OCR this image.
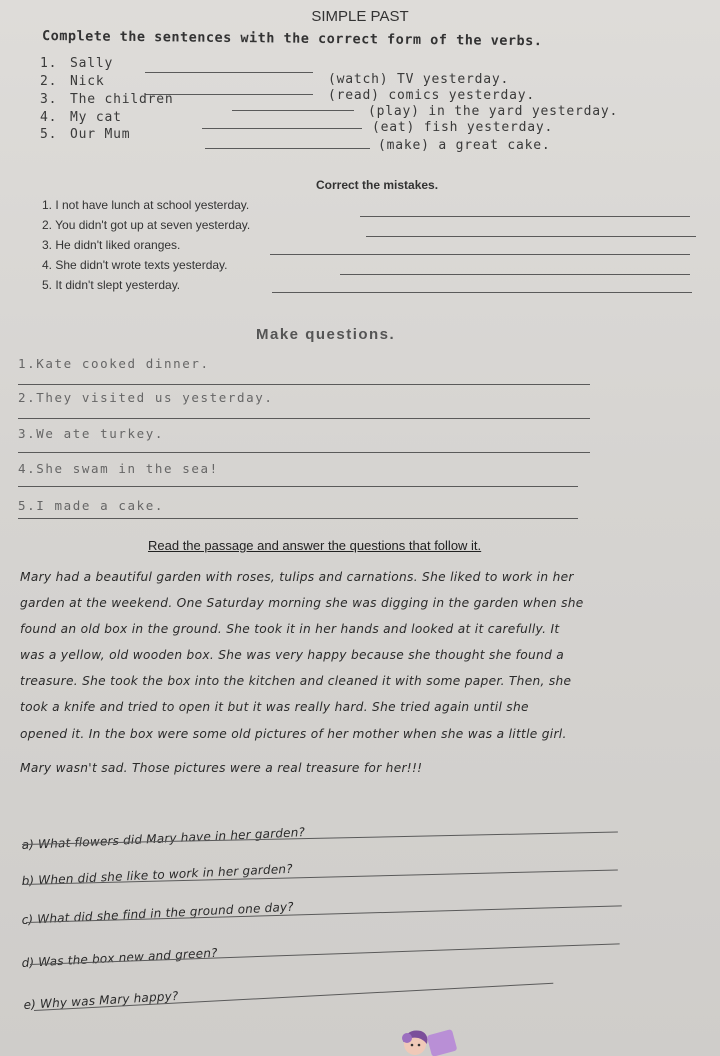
SIMPLE PAST
Complete the sentences with the correct form of the verbs.
1. Sally
(watch) TV yesterday.
2. Nick
(read) comics yesterday.
3. The children
(play) in the yard yesterday.
4. My cat
(eat) fish yesterday.
5. Our Mum
(make) a great cake.
Correct the mistakes.
1. I not have lunch at school yesterday.
2. You didn't got up at seven yesterday.
3. He didn't liked oranges.
4. She didn't wrote texts yesterday.
5. It didn't slept yesterday.
Make questions.
1.Kate cooked dinner.
2.They visited us yesterday.
3.We ate turkey.
4.She swam in the sea!
5.I made a cake.
Read the passage and answer the questions that follow it.
Mary had a beautiful garden with roses, tulips and carnations. She liked to work in her
garden at the weekend. One Saturday morning she was digging in the garden when she
found an old box in the ground. She took it in her hands and looked at it carefully. It
was a yellow, old wooden box. She was very happy because she thought she found a
treasure. She took the box into the kitchen and cleaned it with some paper. Then, she
took a knife and tried to open it but it was really hard. She tried again until she
opened it. In the box were some old pictures of her mother when she was a little girl.
Mary wasn't sad. Those pictures were a real treasure for her!!!
a) What flowers did Mary have in her garden?
b) When did she like to work in her garden?
c) What did she find in the ground one day?
d) Was the box new and green?
e) Why was Mary happy?
